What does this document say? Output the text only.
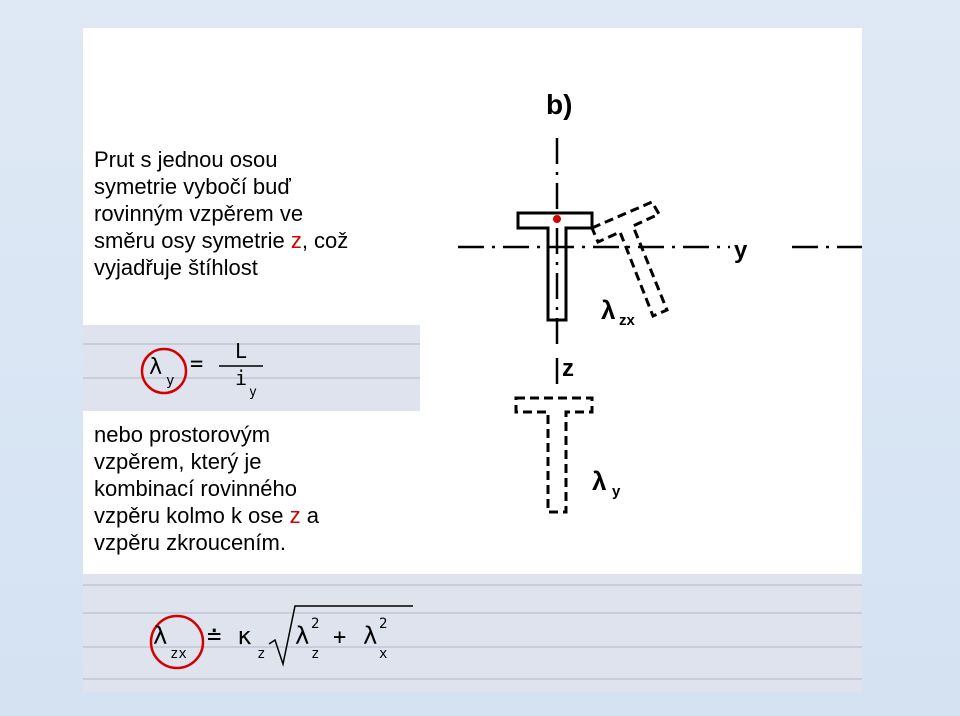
Prut s jednou osou
symetrie vybočí buď
rovinným vzpěrem ve
směru osy symetrie z, což
vyjadřuje štíhlost
λ
y
=
L
i
y
nebo prostorovým
vzpěrem, který je
kombinací rovinného
vzpěru kolmo k ose z a
vzpěru zkroucením.
λ
zx
≐ κ
z
λ 2
z
+ λ 2
x
b)
y
λ zx
z
λ y
